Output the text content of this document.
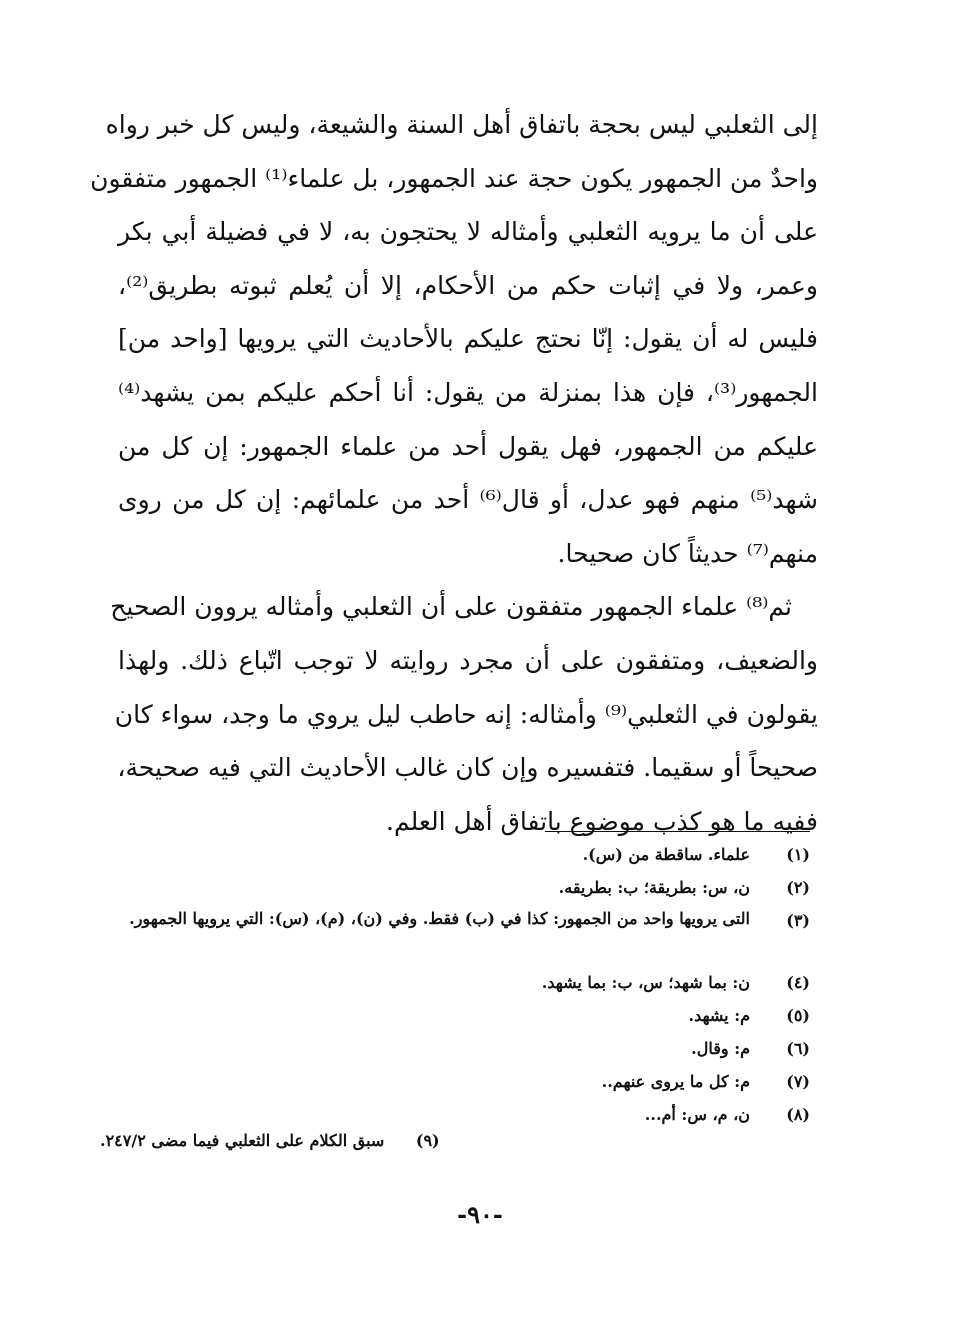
إلى الثعلبي ليس بحجة باتفاق أهل السنة والشيعة، وليس كل خبر رواه
واحدٌ من الجمهور يكون حجة عند الجمهور، بل علماء⁽¹⁾ الجمهور متفقون
على أن ما يرويه الثعلبي وأمثاله لا يحتجون به، لا في فضيلة أبي بكر
وعمر، ولا في إثبات حكم من الأحكام، إلا أن يُعلم ثبوته بطريق⁽²⁾،
فليس له أن يقول: إنّا نحتج عليكم بالأحاديث التي يرويها [واحد من]
الجمهور⁽³⁾، فإن هذا بمنزلة من يقول: أنا أحكم عليكم بمن يشهد⁽⁴⁾
عليكم من الجمهور، فهل يقول أحد من علماء الجمهور: إن كل من
شهد⁽⁵⁾ منهم فهو عدل، أو قال⁽⁶⁾ أحد من علمائهم: إن كل من روى
منهم⁽⁷⁾ حديثاً كان صحيحا.
ثم⁽⁸⁾ علماء الجمهور متفقون على أن الثعلبي وأمثاله يروون الصحيح
والضعيف، ومتفقون على أن مجرد روايته لا توجب اتّباع ذلك. ولهذا
يقولون في الثعلبي⁽⁹⁾ وأمثاله: إنه حاطب ليل يروي ما وجد، سواء كان
صحيحاً أو سقيما. فتفسيره وإن كان غالب الأحاديث التي فيه صحيحة،
ففيه ما هو كذب موضوع باتفاق أهل العلم.
(١)
علماء. ساقطة من (س).
(٢)
ن، س: بطريقة؛ ب: بطريقه.
(٣)
التى يرويها واحد من الجمهور: كذا في (ب) فقط. وفي (ن)، (م)، (س): التي يرويها الجمهور.
(٤)
ن: بما شهد؛ س، ب: بما يشهد.
(٥)
م: يشهد.
(٦)
م: وقال.
(٧)
م: كل ما يروى عنهم..
(٨)
ن، م، س: أم...
(٩) سبق الكلام على الثعلبي فيما مضى ٢٤٧/٢.
-٩٠-
